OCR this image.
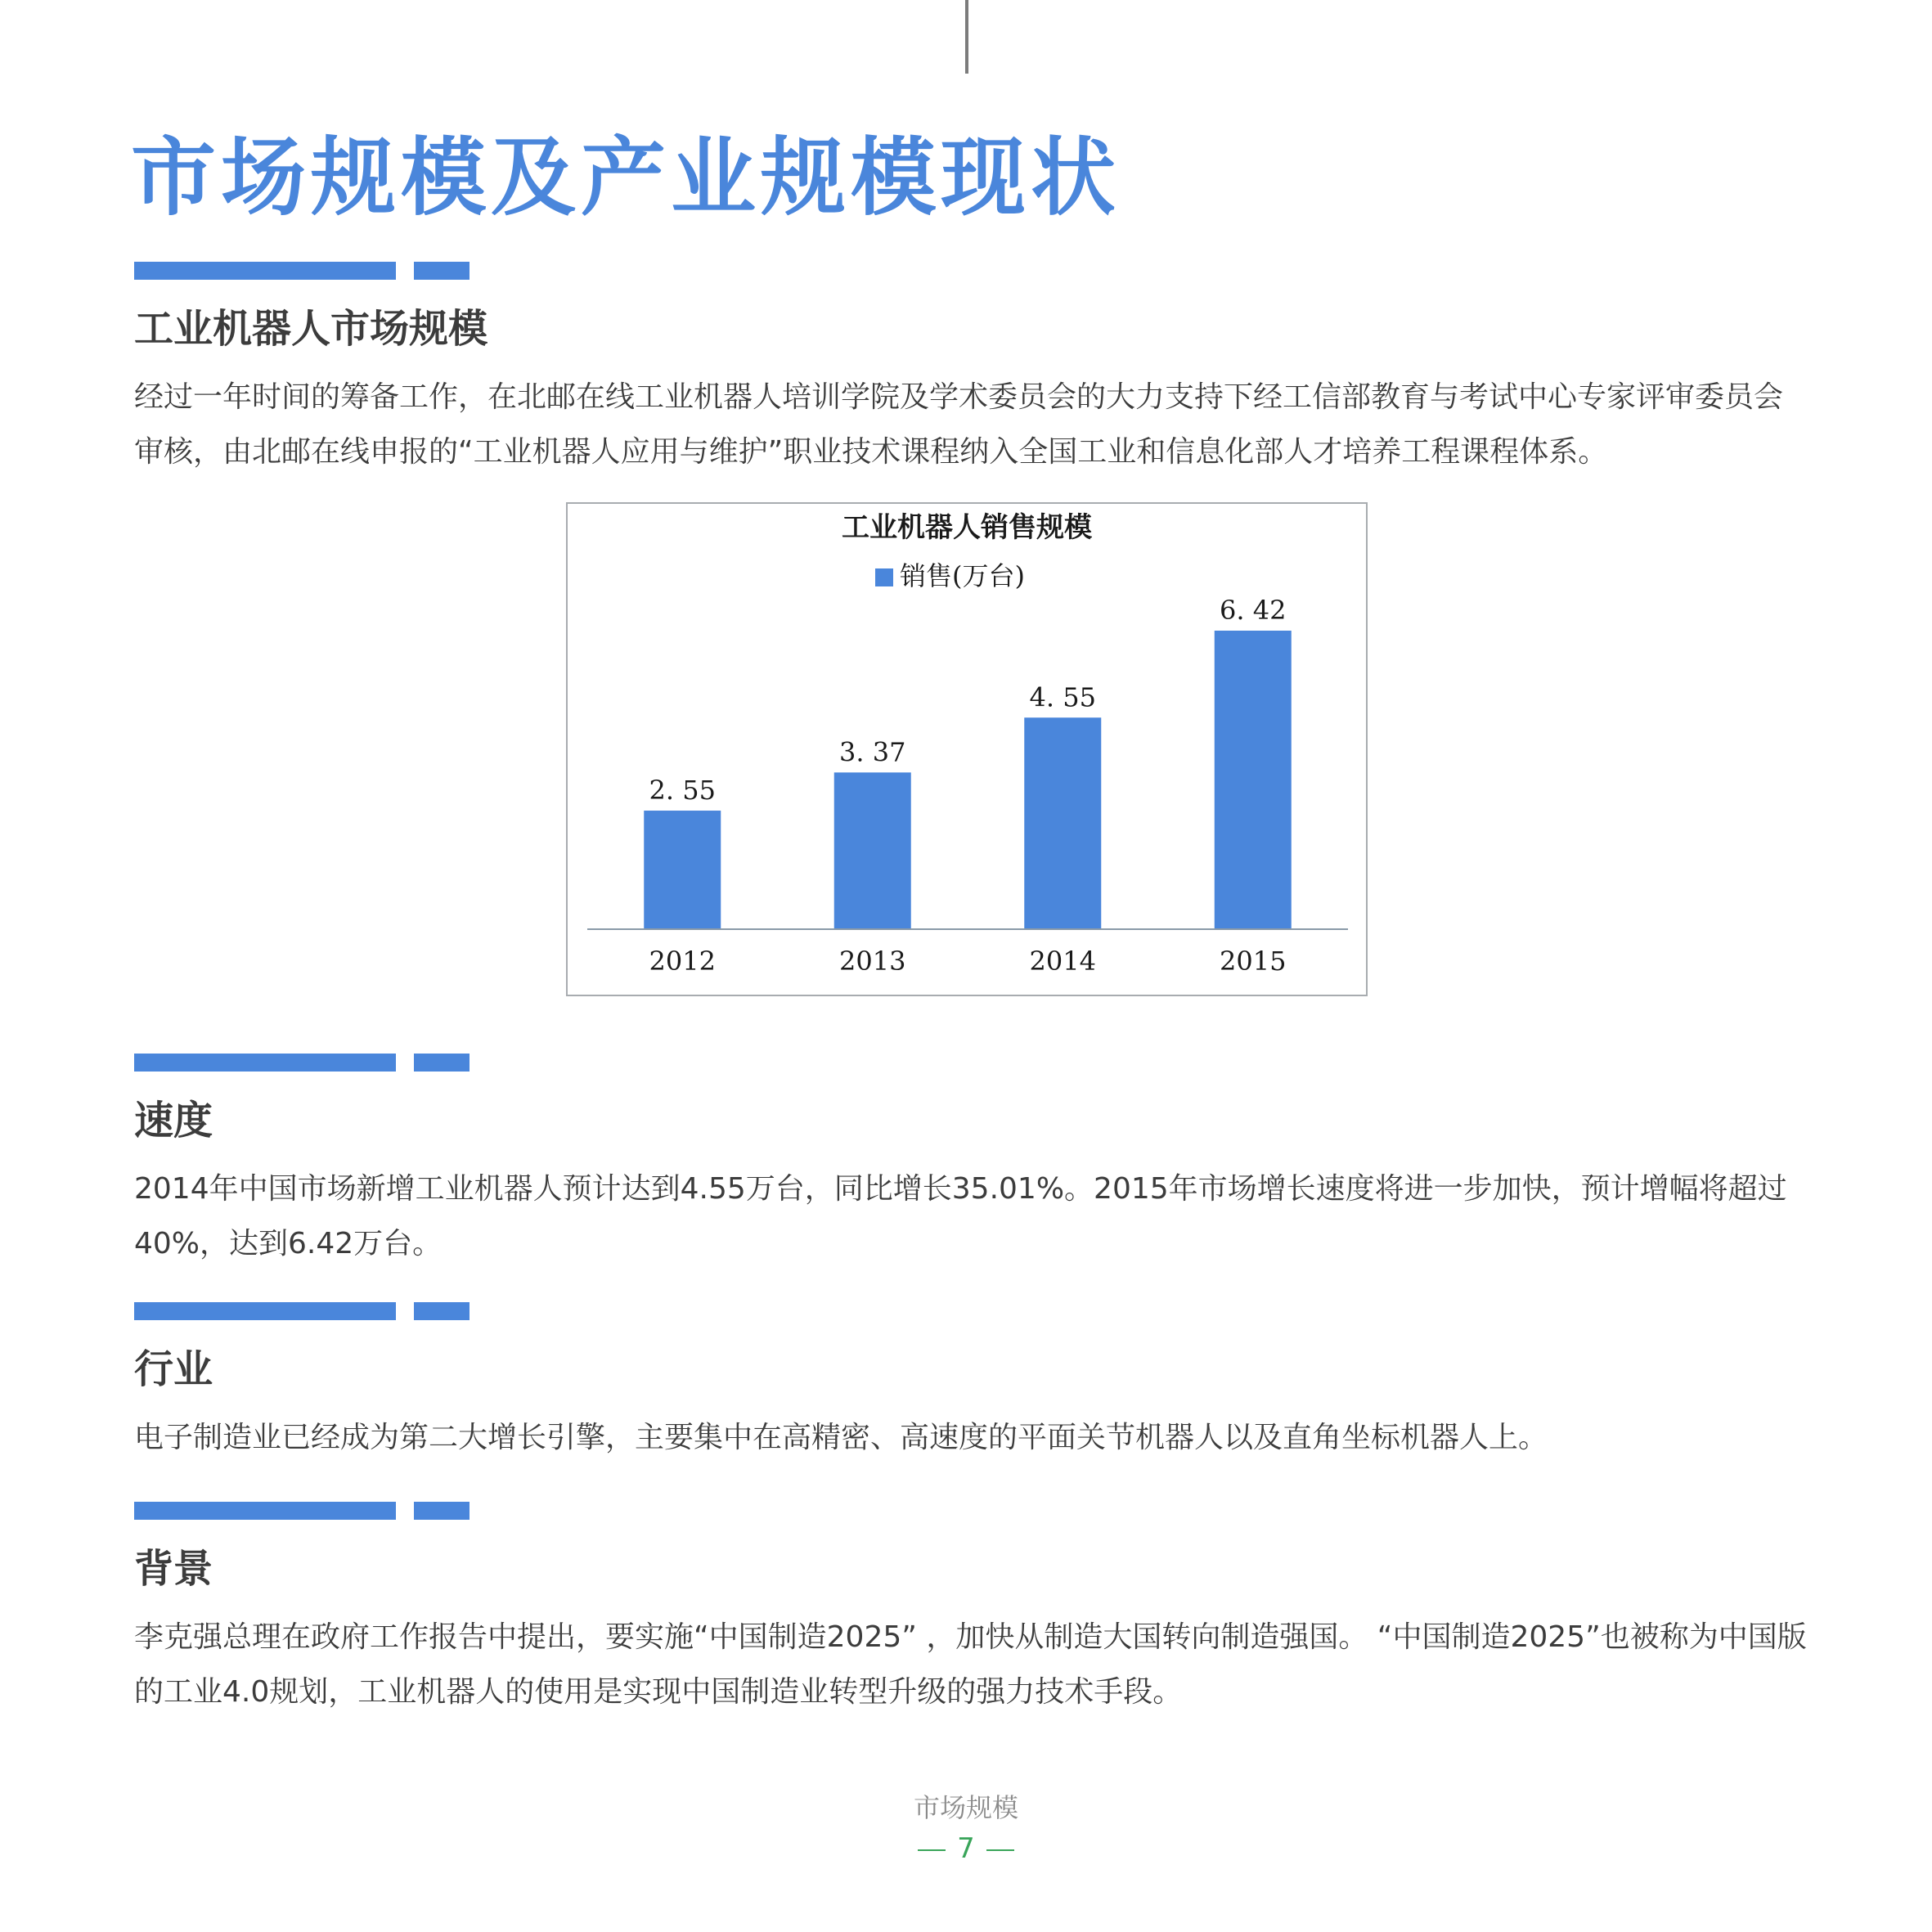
市场规模及产业规模现状
工业机器人市场规模

经过一年时间的筹备工作，在北邮在线工业机器人培训学院及学术委员会的大力支持下经工信部教育与考试中心专家评审委员会审核，由北邮在线申报的“工业机器人应用与维护”职业技术课程纳入全国工业和信息化部人才培养工程课程体系。

工业机器人销售规模
销售(万台)
2. 55
2012
3. 37
2013
4. 55
2014
6. 42
2015
速度

2014年中国市场新增工业机器人预计达到4.55万台，同比增长35.01%。2015年市场增长速度将进一步加快，预计增幅将超过40%，达到6.42万台。

行业

电子制造业已经成为第二大增长引擎，主要集中在高精密、高速度的平面关节机器人以及直角坐标机器人上。

背景

李克强总理在政府工作报告中提出，要实施“中国制造2025” ，加快从制造大国转向制造强国。 “中国制造2025”也被称为中国版的工业4.0规划，工业机器人的使用是实现中国制造业转型升级的强力技术手段。

市场规模
7
